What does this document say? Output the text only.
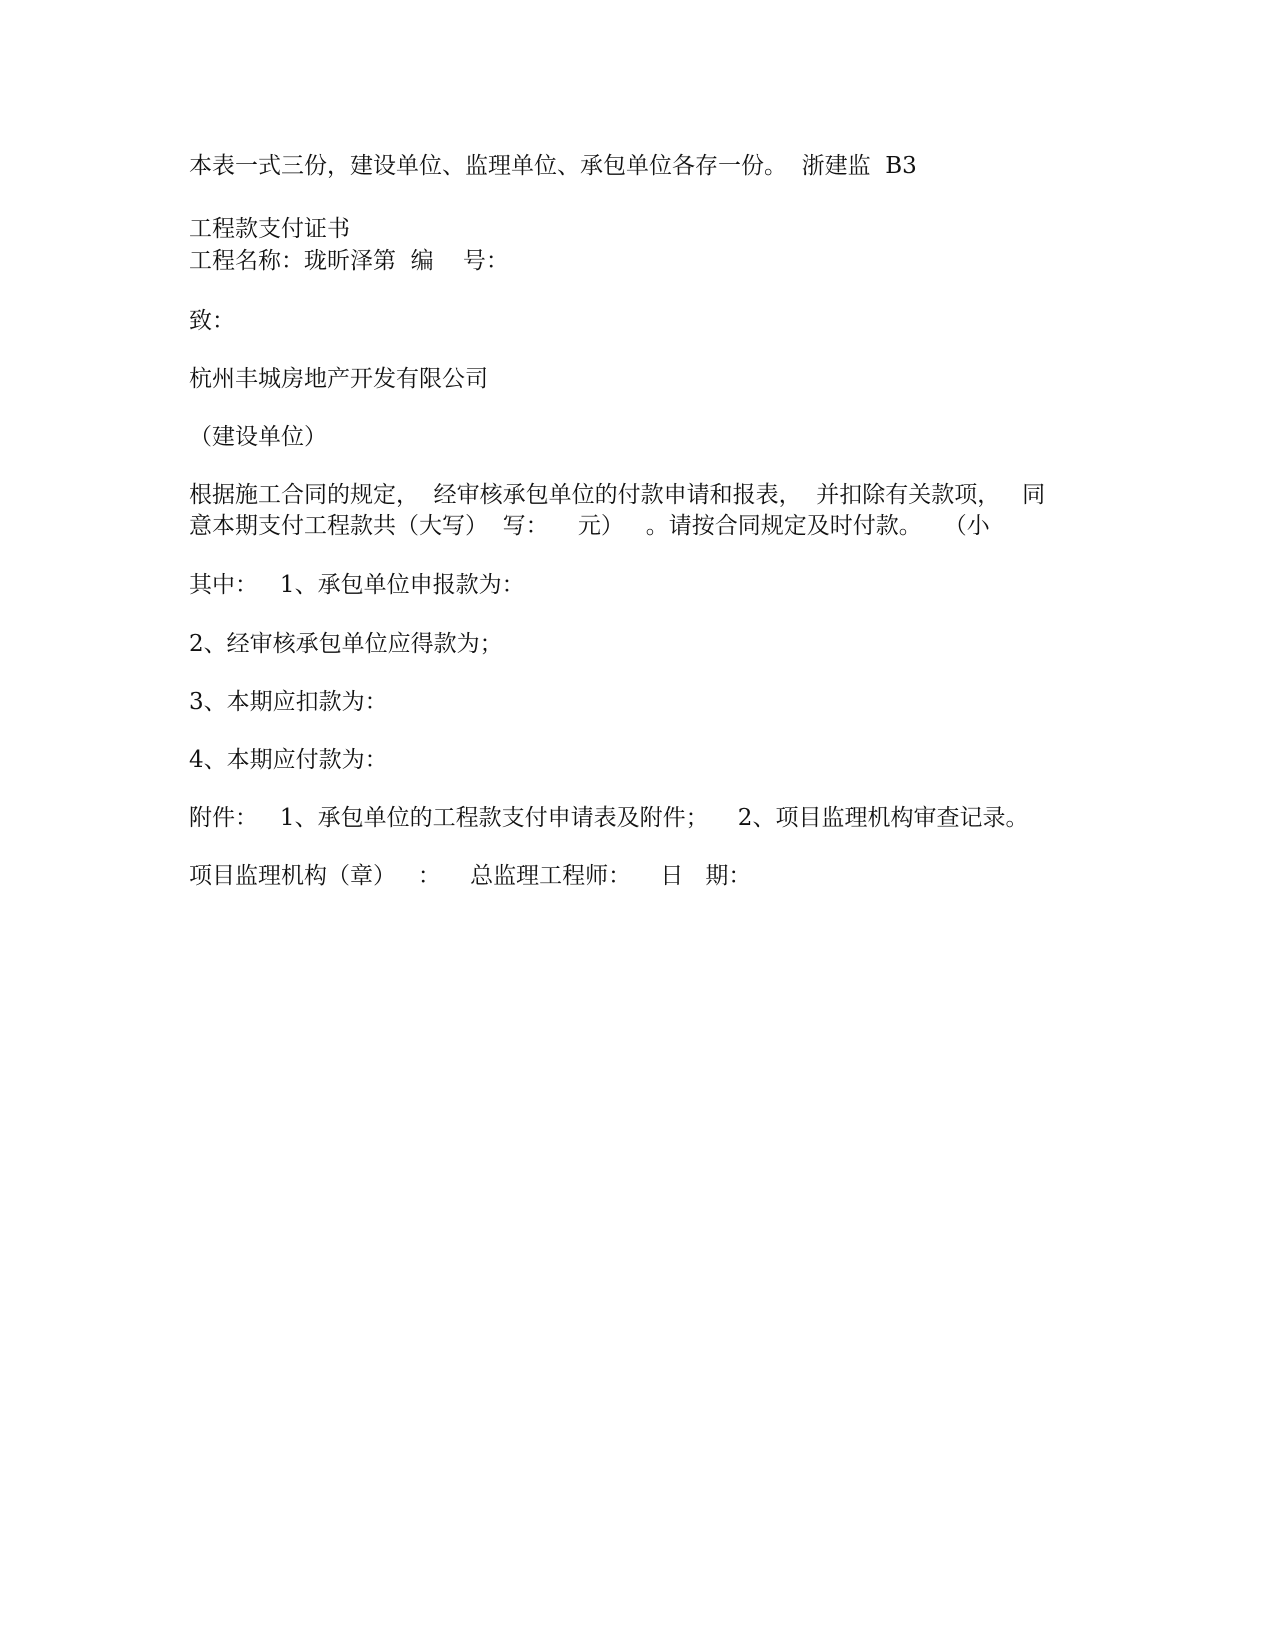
本表一式三份，建设单位、监理单位、承包单位各存一份。  浙建监  B3

工程款支付证书

工程名称：珑昕泽第  编    号：

致：

杭州丰城房地产开发有限公司

（建设单位）

根据施工合同的规定，  经审核承包单位的付款申请和报表，  并扣除有关款项，   同

意本期支付工程款共（大写）  写：    元）   。请按合同规定及时付款。   （小

其中：   1、承包单位申报款为：

2、经审核承包单位应得款为；

3、本期应扣款为：

4、本期应付款为：

附件：   1、承包单位的工程款支付申请表及附件；    2、项目监理机构审查记录。

项目监理机构（章）   ：    总监理工程师：    日   期：
